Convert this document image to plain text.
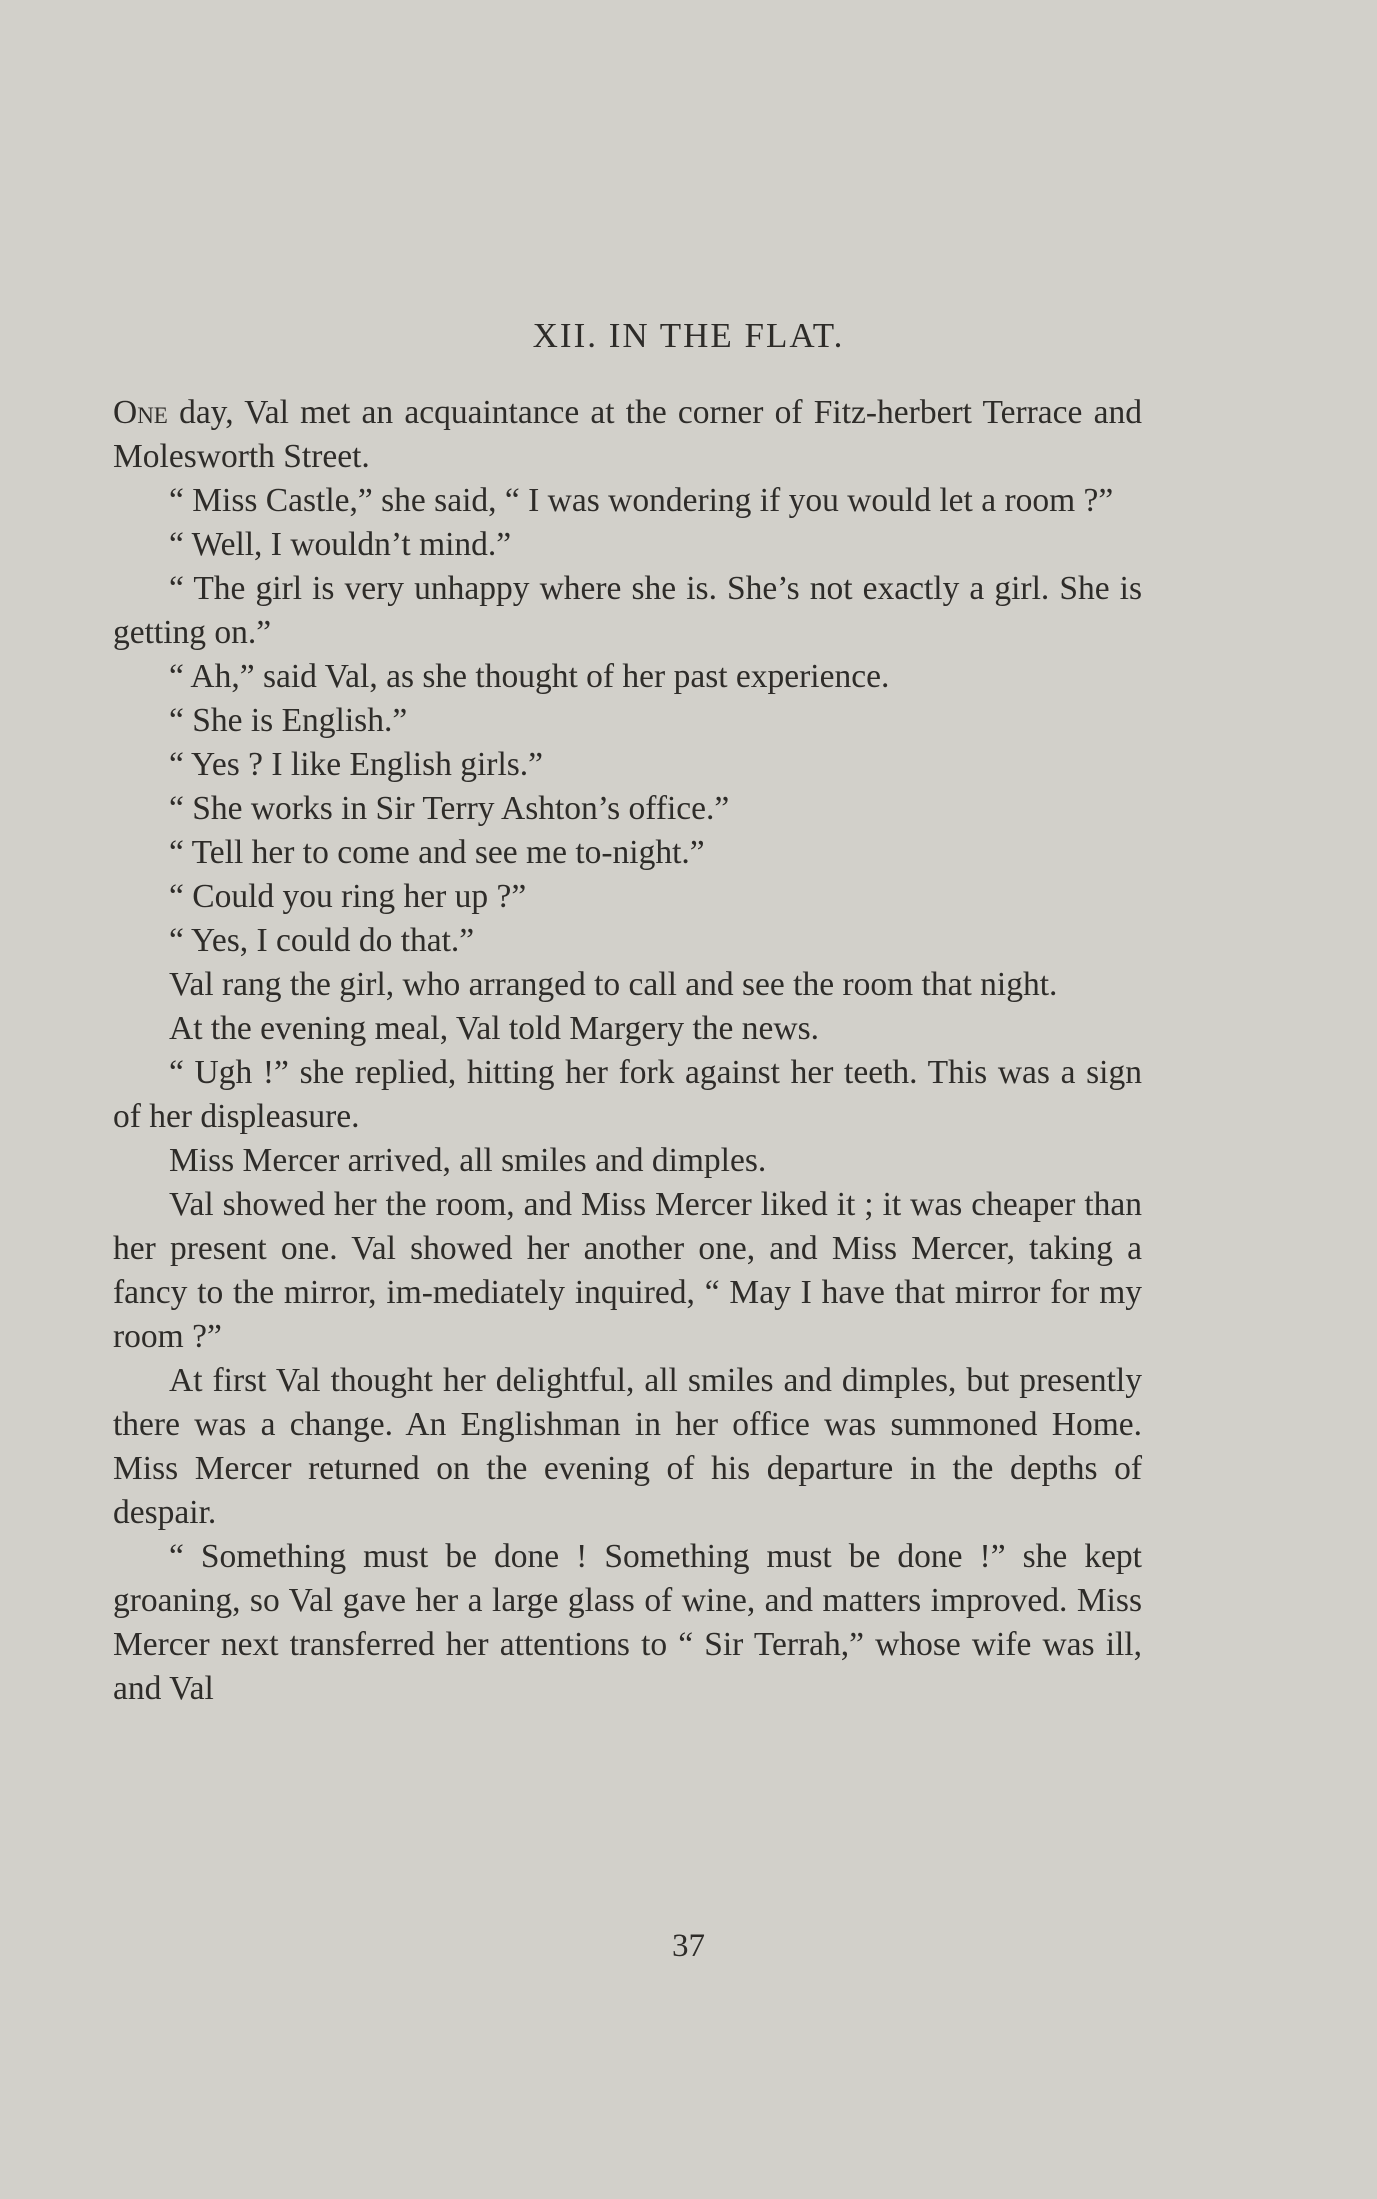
XII. IN THE FLAT.

One day, Val met an acquaintance at the corner of Fitz-herbert Terrace and Molesworth Street.

“ Miss Castle,” she said, “ I was wondering if you would let a room ?”

“ Well, I wouldn’t mind.”

“ The girl is very unhappy where she is. She’s not exactly a girl. She is getting on.”

“ Ah,” said Val, as she thought of her past experience.

“ She is English.”

“ Yes ? I like English girls.”

“ She works in Sir Terry Ashton’s office.”

“ Tell her to come and see me to-night.”

“ Could you ring her up ?”

“ Yes, I could do that.”

Val rang the girl, who arranged to call and see the room that night.

At the evening meal, Val told Margery the news.

“ Ugh !” she replied, hitting her fork against her teeth. This was a sign of her displeasure.

Miss Mercer arrived, all smiles and dimples.

Val showed her the room, and Miss Mercer liked it ; it was cheaper than her present one. Val showed her another one, and Miss Mercer, taking a fancy to the mirror, im-mediately inquired, “ May I have that mirror for my room ?”

At first Val thought her delightful, all smiles and dimples, but presently there was a change. An Englishman in her office was summoned Home. Miss Mercer returned on the evening of his departure in the depths of despair.

“ Something must be done ! Something must be done !” she kept groaning, so Val gave her a large glass of wine, and matters improved. Miss Mercer next transferred her attentions to “ Sir Terrah,” whose wife was ill, and Val

37
